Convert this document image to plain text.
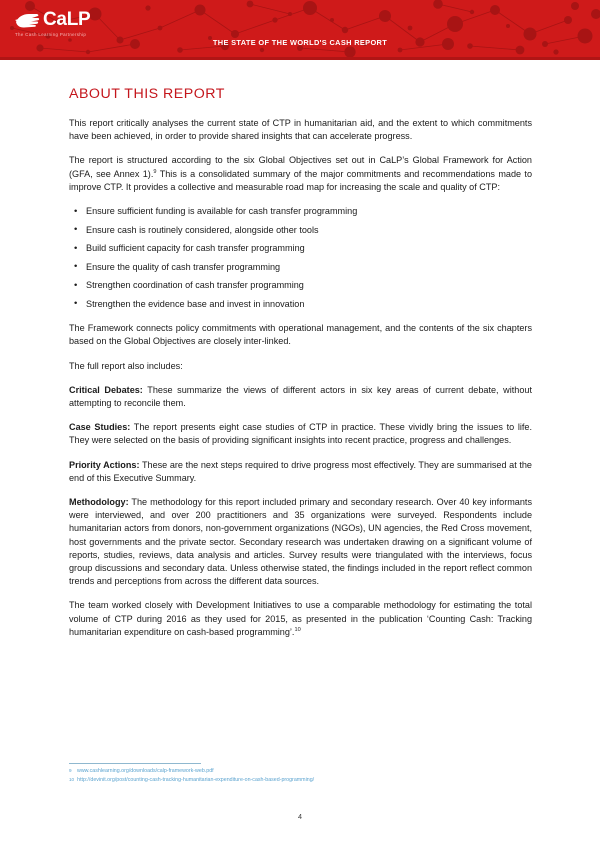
CaLP
The Cash Learning Partnership
THE STATE OF THE WORLD'S CASH REPORT
ABOUT THIS REPORT

This report critically analyses the current state of CTP in humanitarian aid, and the extent to which commitments have been achieved, in order to provide shared insights that can accelerate progress.

The report is structured according to the six Global Objectives set out in CaLP’s Global Framework for Action (GFA, see Annex 1).$^9$ This is a consolidated summary of the major commitments and recommendations made to improve CTP. It provides a collective and measurable road map for increasing the scale and quality of CTP:

• Ensure sufficient funding is available for cash transfer programming
• Ensure cash is routinely considered, alongside other tools
• Build sufficient capacity for cash transfer programming
• Ensure the quality of cash transfer programming
• Strengthen coordination of cash transfer programming
• Strengthen the evidence base and invest in innovation

The Framework connects policy commitments with operational management, and the contents of the six chapters based on the Global Objectives are closely inter-linked.

The full report also includes:

Critical Debates: These summarize the views of different actors in six key areas of current debate, without attempting to reconcile them.

Case Studies: The report presents eight case studies of CTP in practice. These vividly bring the issues to life. They were selected on the basis of providing significant insights into recent practice, progress and challenges.

Priority Actions: These are the next steps required to drive progress most effectively. They are summarised at the end of this Executive Summary.

Methodology: The methodology for this report included primary and secondary research. Over 40 key informants were interviewed, and over 200 practitioners and 35 organizations were surveyed. Respondents include humanitarian actors from donors, non-government organizations (NGOs), UN agencies, the Red Cross movement, host governments and the private sector. Secondary research was undertaken drawing on a significant volume of reports, studies, reviews, data analysis and articles. Survey results were triangulated with the interviews, focus group discussions and secondary data. Unless otherwise stated, the findings included in the report reflect common trends and perceptions from across the different data sources.

The team worked closely with Development Initiatives to use a comparable methodology for estimating the total volume of CTP during 2016 as they used for 2015, as presented in the publication ‘Counting Cash: Tracking humanitarian expenditure on cash-based programming’.$^{10}$

9	www.cashlearning.org/downloads/calp-framework-web.pdf
10 http://devinit.org/post/counting-cash-tracking-humanitarian-expenditure-on-cash-based-programming/
4
